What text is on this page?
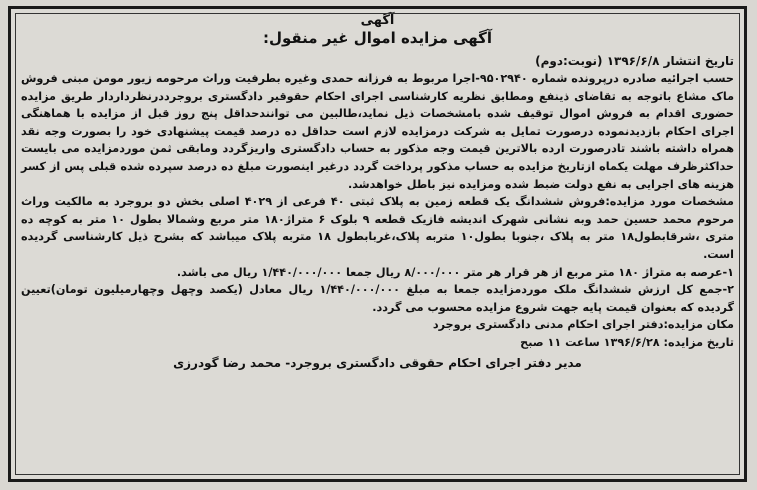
آگهی
آگهی مزایده اموال غیر منقول:
تاریخ انتشار ۱۳۹۶/۶/۸ (نوبت:دوم)

حسب اجرائیه صادره درپرونده شماره ۹۵۰۲۹۴۰-اجرا مربوط به فرزانه حمدی وغیره بطرفیت وراث مرحومه زیور مومن مبنی فروش ماک مشاع باتوجه به تقاضای ذینفع ومطابق نظریه کارشناسی اجرای احکام حقوقیر دادگستری بروجرددرنظرداردار طریق مزایده حضوری اقدام به فروش اموال توقیف شده بامشخصات ذیل نماید،طالبین می توانندحداقل پنج روز قبل از مزایده با هماهنگی اجرای احکام بازدیدنموده درصورت تمایل به شرکت درمزایده لازم است حداقل ده درصد قیمت پیشنهادی خود را بصورت وجه نقد همراه داشته باشند تادرصورت ارده بالاترین قیمت وجه مذکور به حساب دادگستری واریزگردد ومابقی ثمن موردمزایده می بایست حداکثرظرف مهلت یکماه ازتاریخ مزایده به حساب مذکور پرداخت گردد درغیر اینصورت مبلغ ده درصد سپرده شده قبلی پس از کسر هزینه های اجرایی به نفع دولت ضبط شده ومزایده نیز باطل خواهدشد.

مشخصات مورد مزایده:فروش ششدانگ یک قطعه زمین به پلاک ثبتی ۴۰ فرعی از ۴۰۲۹ اصلی بخش دو بروجرد به مالکیت وراث مرحوم محمد حسین حمد وبه نشانی شهرک اندیشه فازیک قطعه ۹ بلوک ۶ متراژ۱۸۰ متر مربع وشمالا بطول ۱۰ متر به کوچه ده متری ،شرقابطول۱۸ متر به پلاک ،جنوبا بطول۱۰ متربه پلاک،غربابطول ۱۸ متربه پلاک میباشد که بشرح ذیل کارشناسی گردیده است.

۱-عرصه به متراژ ۱۸۰ متر مربع از هر قرار هر متر ۸/۰۰۰/۰۰۰ ریال جمعا ۱/۴۴۰/۰۰۰/۰۰۰ ریال می باشد.

۲-جمع کل ارزش ششدانگ ملک موردمزایده جمعا به مبلغ ۱/۴۴۰/۰۰۰/۰۰۰ ریال معادل (یکصد وچهل وچهارمیلیون تومان)تعیین گردیده که بعنوان قیمت پایه جهت شروع مزایده محسوب می گردد.

مکان مزایده:دفتر اجرای احکام مدنی دادگستری بروجرد

تاریخ مزایده: ۱۳۹۶/۶/۲۸ ساعت ۱۱ صبح

مدیر دفتر اجرای احکام حقوقی دادگستری بروجرد- محمد رضا گودرزی
